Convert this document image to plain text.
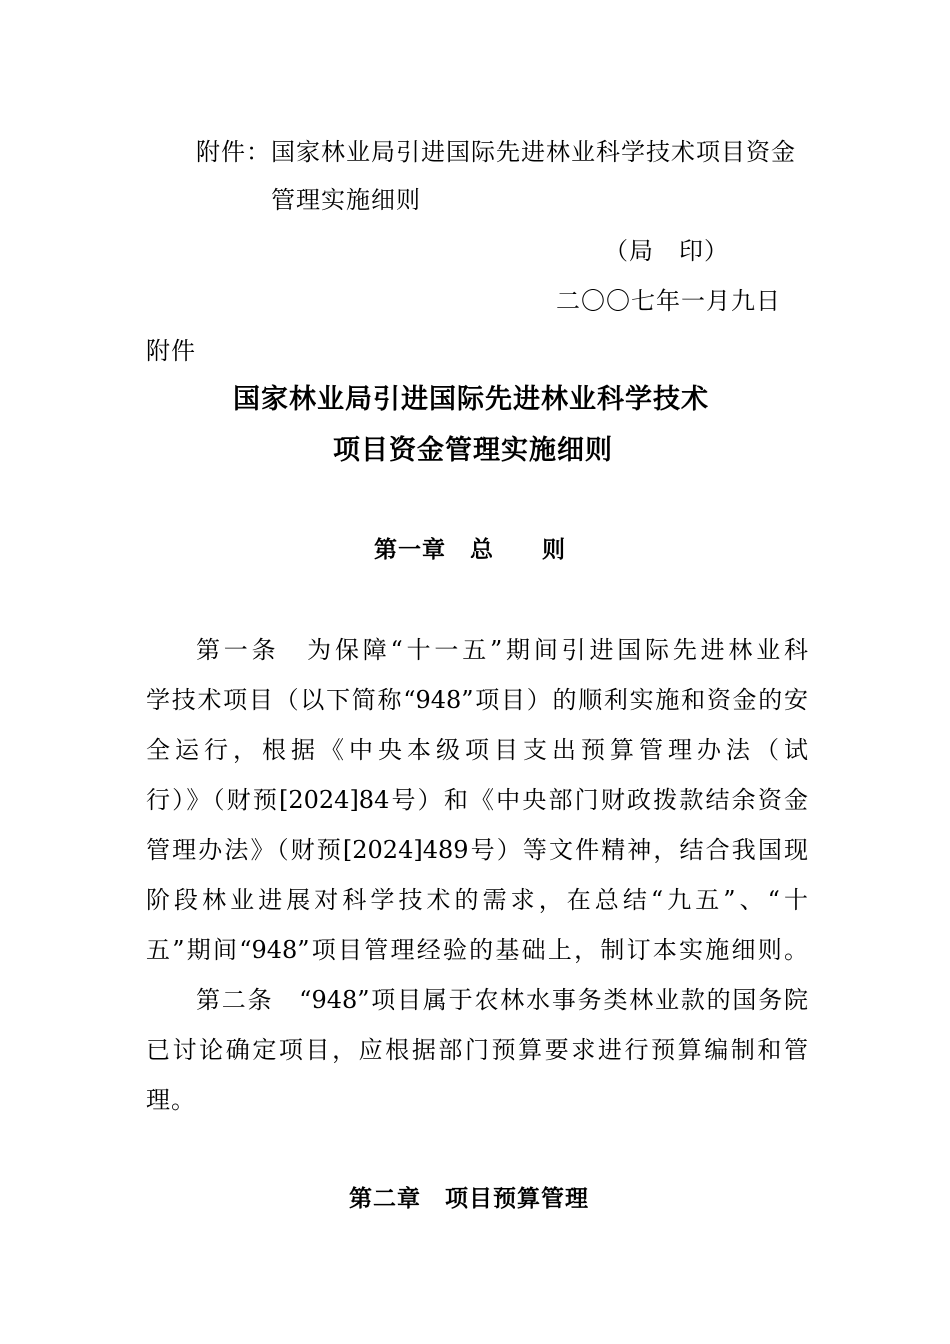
附件： 国家林业局引进国际先进林业科学技术项目资金
管理实施细则
（局　印）
二〇〇七年一月九日
附件
国家林业局引进国际先进林业科学技术
项目资金管理实施细则
第一章　总　　则
第一条　为保障“十一五”期间引进国际先进林业科
学技术项目（以下简称“948”项目）的顺利实施和资金的安
全运行，根据《中央本级项目支出预算管理办法（试
行）》（财预[2024]84号）和《中央部门财政拨款结余资金
管理办法》（财预[2024]489号）等文件精神，结合我国现
阶段林业进展对科学技术的需求，在总结“九五”、“十
五”期间“948”项目管理经验的基础上，制订本实施细则。
第二条　“948”项目属于农林水事务类林业款的国务院
已讨论确定项目，应根据部门预算要求进行预算编制和管
理。
第二章　项目预算管理
